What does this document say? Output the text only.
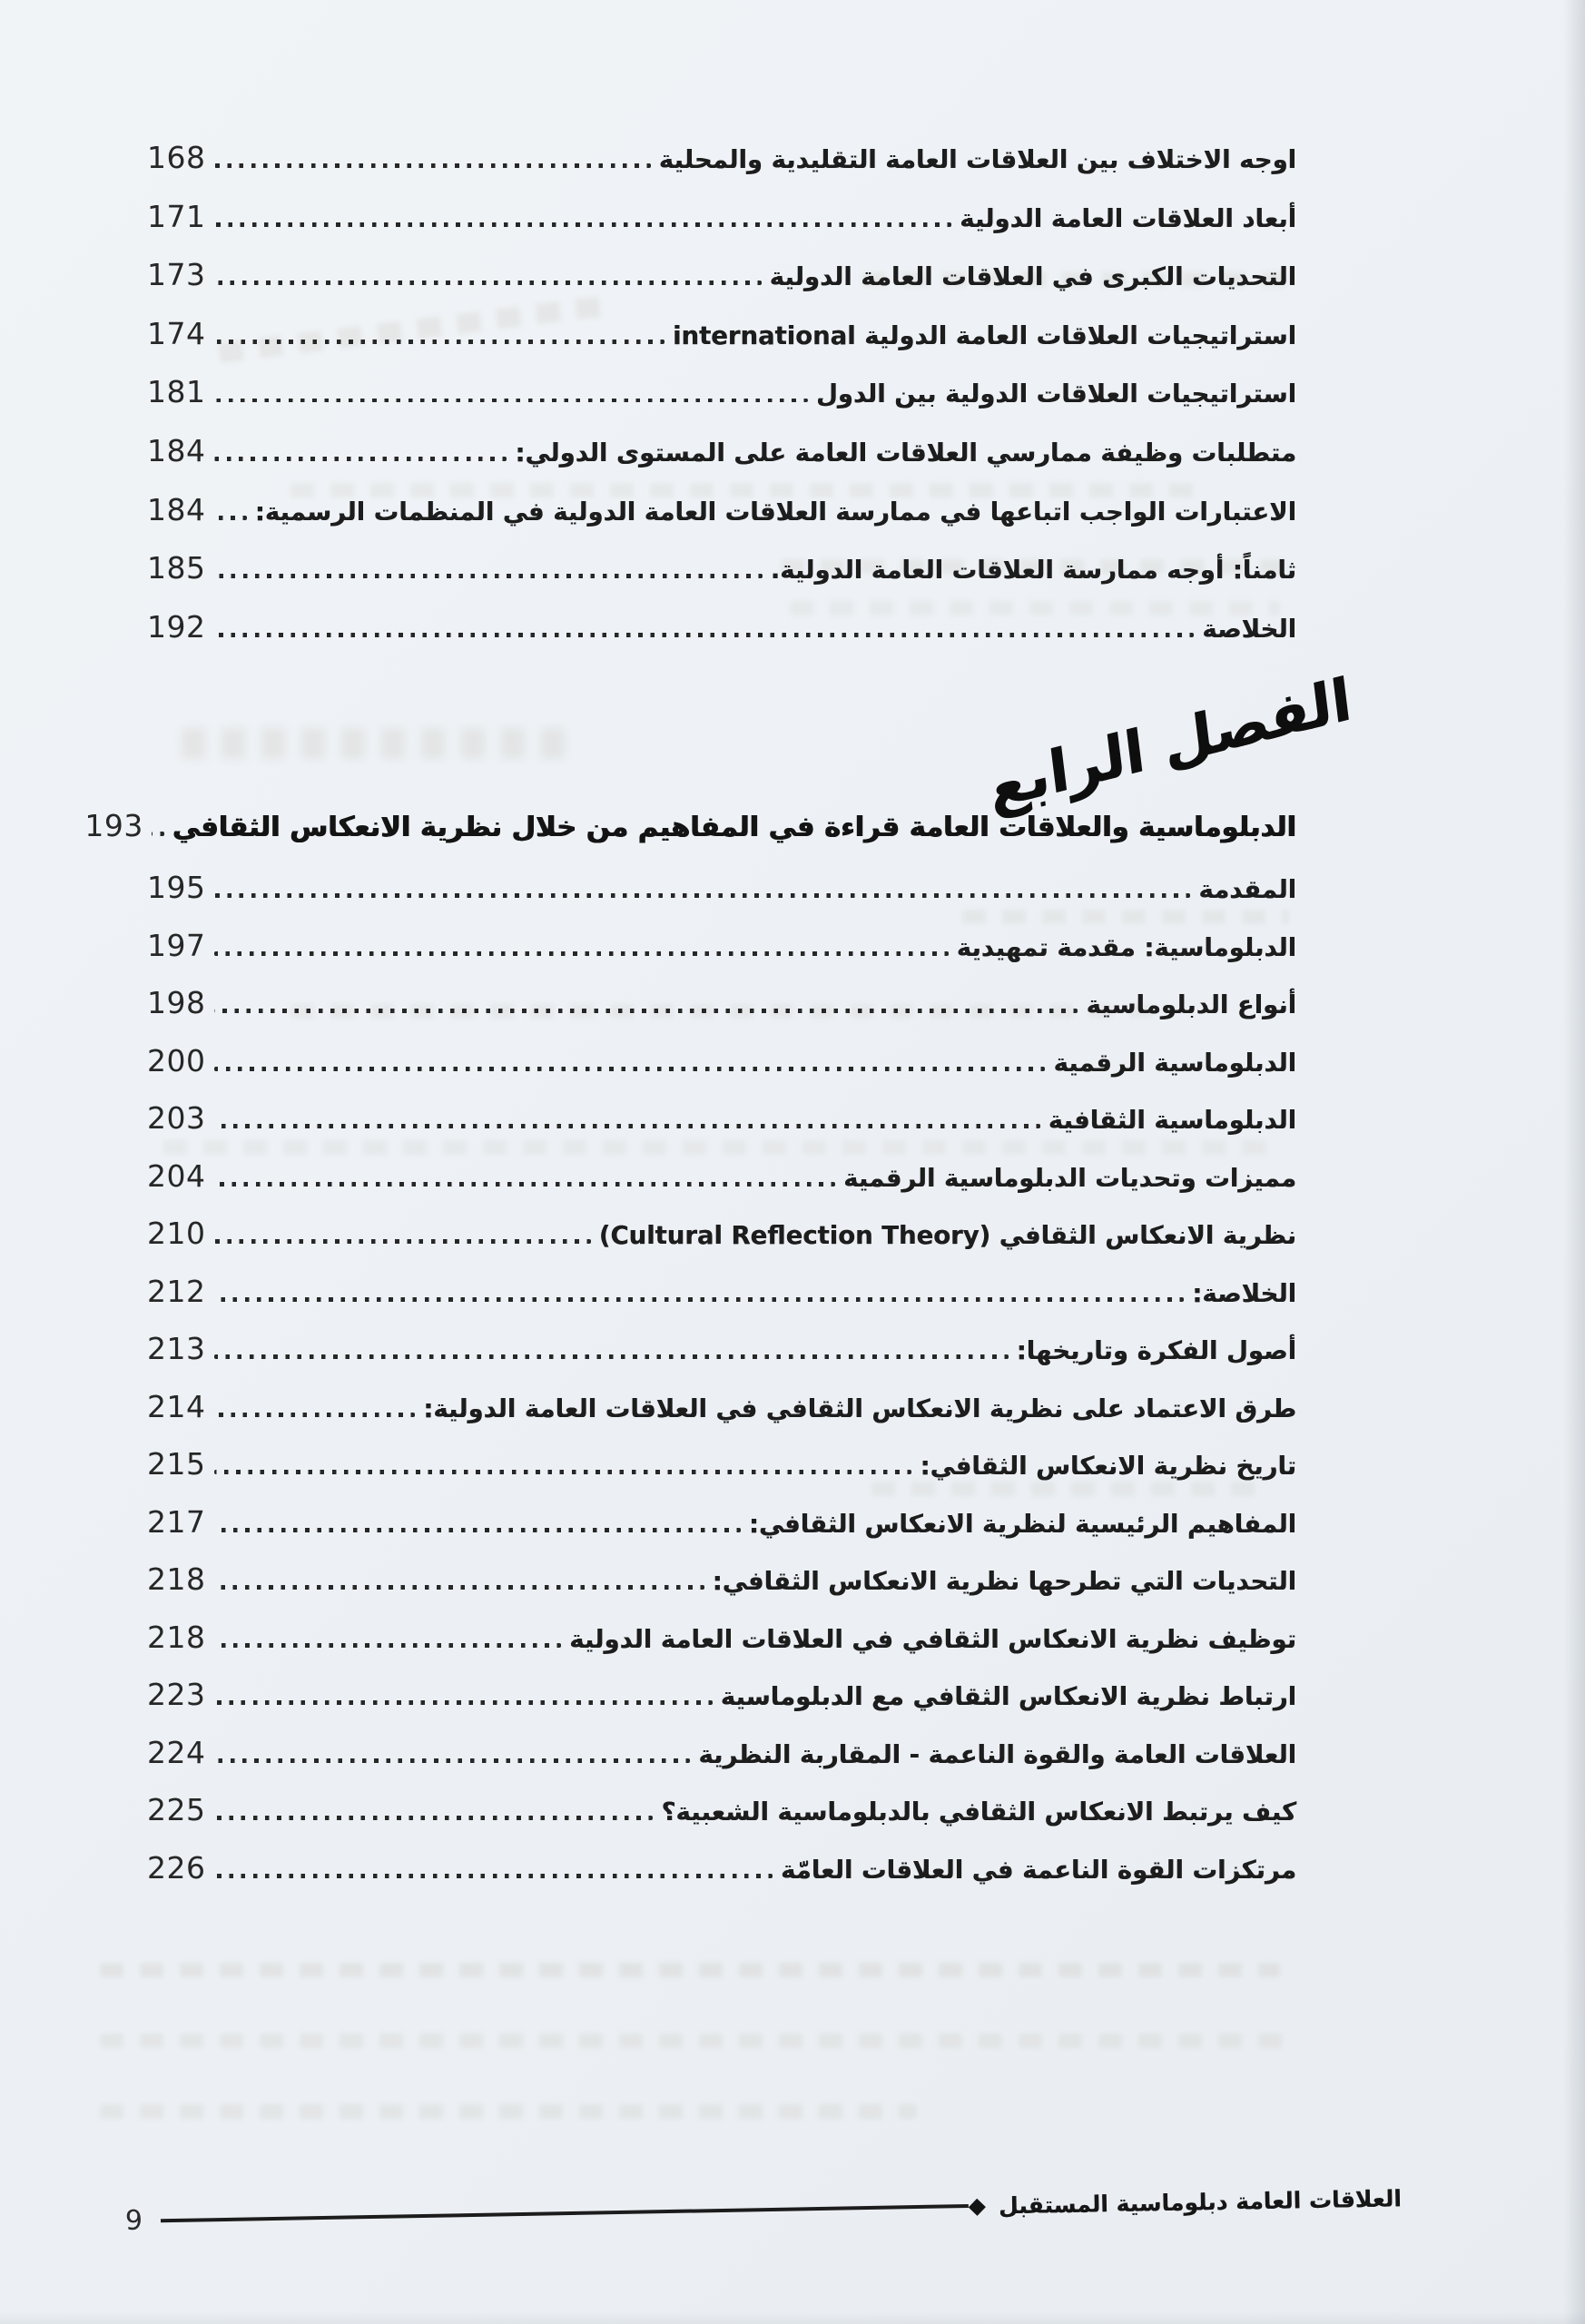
اوجه الاختلاف بين العلاقات العامة التقليدية والمحلية
168
أبعاد العلاقات العامة الدولية
171
التحديات الكبرى في العلاقات العامة الدولية
173
استراتيجيات العلاقات العامة الدولية international
174
استراتيجيات العلاقات الدولية بين الدول
181
متطلبات وظيفة ممارسي العلاقات العامة على المستوى الدولي:
184
الاعتبارات الواجب اتباعها في ممارسة العلاقات العامة الدولية في المنظمات الرسمية:
184
ثامناً: أوجه ممارسة العلاقات العامة الدولية.
185
الخلاصة
192
الفصل الرابع
الدبلوماسية والعلاقات العامة قراءة في المفاهيم من خلال نظرية الانعكاس الثقافي
193
المقدمة
195
الدبلوماسية: مقدمة تمهيدية
197
أنواع الدبلوماسية
198
الدبلوماسية الرقمية
200
الدبلوماسية الثقافية
203
مميزات وتحديات الدبلوماسية الرقمية
204
نظرية الانعكاس الثقافي (Cultural Reflection Theory)
210
الخلاصة:
212
أصول الفكرة وتاريخها:
213
طرق الاعتماد على نظرية الانعكاس الثقافي في العلاقات العامة الدولية:
214
تاريخ نظرية الانعكاس الثقافي:
215
المفاهيم الرئيسية لنظرية الانعكاس الثقافي:
217
التحديات التي تطرحها نظرية الانعكاس الثقافي:
218
توظيف نظرية الانعكاس الثقافي في العلاقات العامة الدولية
218
ارتباط نظرية الانعكاس الثقافي مع الدبلوماسية
223
العلاقات العامة والقوة الناعمة - المقاربة النظرية
224
كيف يرتبط الانعكاس الثقافي بالدبلوماسية الشعبية؟
225
مرتكزات القوة الناعمة في العلاقات العامّة
226
9	◆ العلاقات العامة دبلوماسية المستقبل
